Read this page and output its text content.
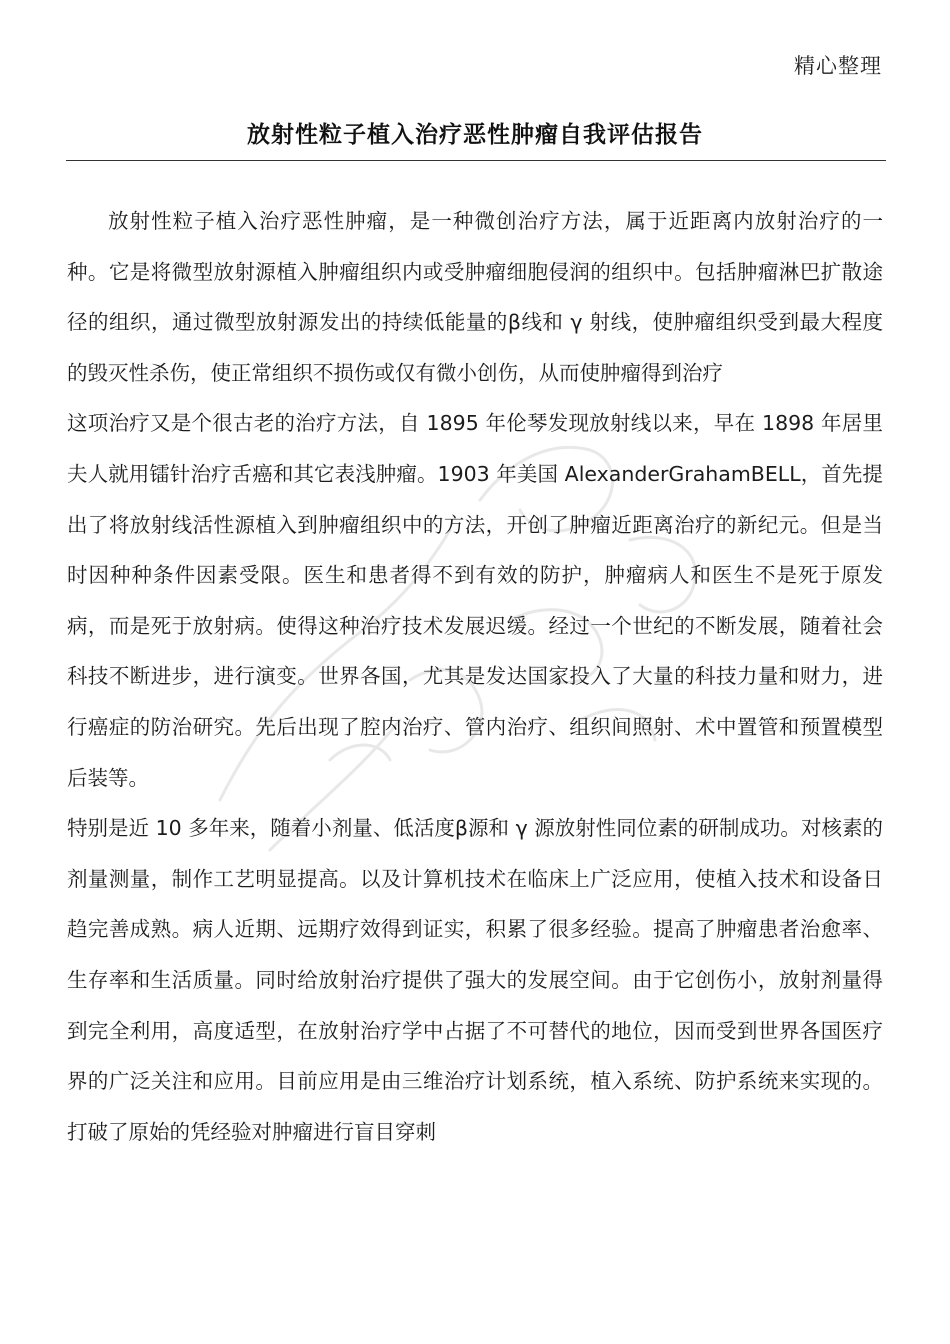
精心整理
放射性粒子植入治疗恶性肿瘤自我评估报告

放射性粒子植入治疗恶性肿瘤，是一种微创治疗方法，属于近距离内放射治疗的一种。它是将微型放射源植入肿瘤组织内或受肿瘤细胞侵润的组织中。包括肿瘤淋巴扩散途径的组织，通过微型放射源发出的持续低能量的β线和 γ 射线，使肿瘤组织受到最大程度的毁灭性杀伤，使正常组织不损伤或仅有微小创伤，从而使肿瘤得到治疗

这项治疗又是个很古老的治疗方法，自 1895 年伦琴发现放射线以来，早在 1898 年居里夫人就用镭针治疗舌癌和其它表浅肿瘤。1903 年美国 AlexanderGrahamBELL，首先提出了将放射线活性源植入到肿瘤组织中的方法，开创了肿瘤近距离治疗的新纪元。但是当时因种种条件因素受限。医生和患者得不到有效的防护，肿瘤病人和医生不是死于原发病，而是死于放射病。使得这种治疗技术发展迟缓。经过一个世纪的不断发展，随着社会科技不断进步，进行演变。世界各国，尤其是发达国家投入了大量的科技力量和财力，进行癌症的防治研究。先后出现了腔内治疗、管内治疗、组织间照射、术中置管和预置模型后装等。

特别是近 10 多年来，随着小剂量、低活度β源和 γ 源放射性同位素的研制成功。对核素的剂量测量，制作工艺明显提高。以及计算机技术在临床上广泛应用，使植入技术和设备日趋完善成熟。病人近期、远期疗效得到证实，积累了很多经验。提高了肿瘤患者治愈率、生存率和生活质量。同时给放射治疗提供了强大的发展空间。由于它创伤小，放射剂量得到完全利用，高度适型，在放射治疗学中占据了不可替代的地位，因而受到世界各国医疗界的广泛关注和应用。目前应用是由三维治疗计划系统，植入系统、防护系统来实现的。打破了原始的凭经验对肿瘤进行盲目穿刺
